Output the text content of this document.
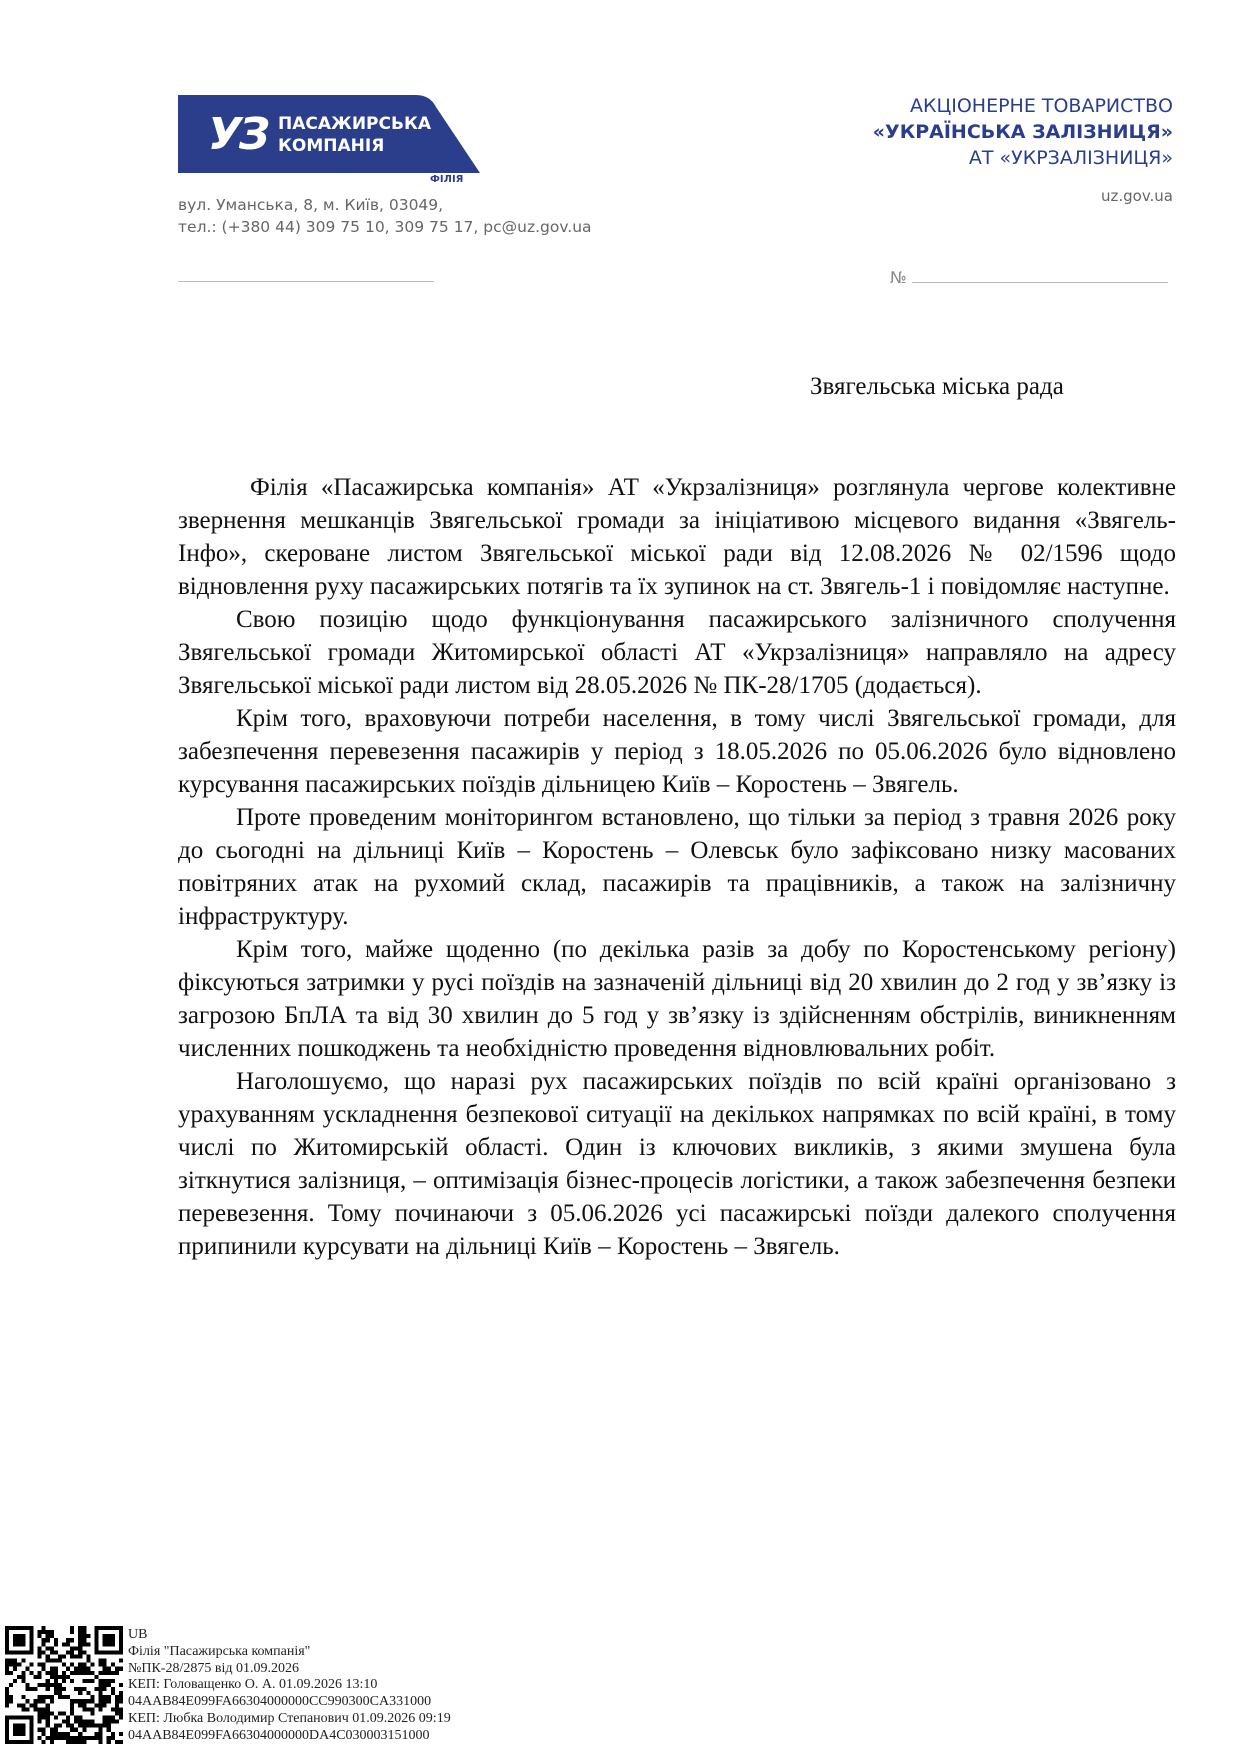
УЗ ПАСАЖИРСЬКА
КОМПАНІЯ
ФІЛІЯ
вул. Уманська, 8, м. Київ, 03049,
тел.: (+380 44) 309 75 10, 309 75 17, pc@uz.gov.ua
АКЦІОНЕРНЕ ТОВАРИСТВО
«УКРАЇНСЬКА ЗАЛІЗНИЦЯ»
АТ «УКРЗАЛІЗНИЦЯ»
uz.gov.ua
№
Звягельська міська рада

Філія «Пасажирська компанія» АТ «Укрзалізниця» розглянула чергове колективне звернення мешканців Звягельської громади за ініціативою місцевого видання «Звягель-Інфо», скероване листом Звягельської міської ради від 12.08.2026 № 02/1596 щодо відновлення руху пасажирських потягів та їх зупинок на ст. Звягель-1 і повідомляє наступне.

Свою позицію щодо функціонування пасажирського залізничного сполучення Звягельської громади Житомирської області АТ «Укрзалізниця» направляло на адресу Звягельської міської ради листом від 28.05.2026 № ПК-28/1705 (додається).

Крім того, враховуючи потреби населення, в тому числі Звягельської громади, для забезпечення перевезення пасажирів у період з 18.05.2026 по 05.06.2026 було відновлено курсування пасажирських поїздів дільницею Київ – Коростень – Звягель.

Проте проведеним моніторингом встановлено, що тільки за період з травня 2026 року до сьогодні на дільниці Київ – Коростень – Олевськ було зафіксовано низку масованих повітряних атак на рухомий склад, пасажирів та працівників, а також на залізничну інфраструктуру.

Крім того, майже щоденно (по декілька разів за добу по Коростенському регіону) фіксуються затримки у русі поїздів на зазначеній дільниці від 20 хвилин до 2 год у зв’язку із загрозою БпЛА та від 30 хвилин до 5 год у зв’язку із здійсненням обстрілів, виникненням численних пошкоджень та необхідністю проведення відновлювальних робіт.

Наголошуємо, що наразі рух пасажирських поїздів по всій країні організовано з урахуванням ускладнення безпекової ситуації на декількох напрямках по всій країні, в тому числі по Житомирській області. Один із ключових викликів, з якими змушена була зіткнутися залізниця, – оптимізація бізнес-процесів логістики, а також забезпечення безпеки перевезення. Тому починаючи з 05.06.2026 усі пасажирські поїзди далекого сполучення припинили курсувати на дільниці Київ – Коростень – Звягель.

UB
Філія "Пасажирська компанія"
№ПК-28/2875 від 01.09.2026
КЕП: Головащенко О. А. 01.09.2026 13:10
04AAB84E099FA66304000000CC990300CA331000
КЕП: Любка Володимир Степанович 01.09.2026 09:19
04AAB84E099FA66304000000DA4C030003151000
